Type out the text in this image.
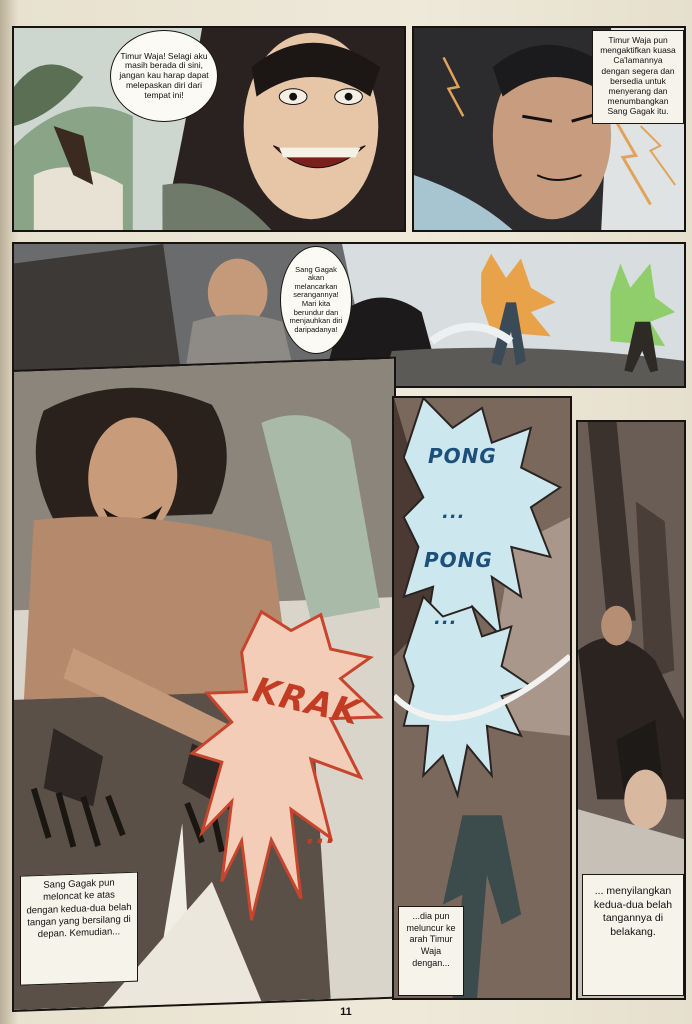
Timur Waja! Selagi aku masih berada di sini, jangan kau harap dapat melepaskan diri dari tempat ini!
Timur Waja pun mengaktifkan kuasa Ca'lamannya dengan segera dan bersedia untuk menyerang dan menumbangkan Sang Gagak itu.
Sang Gagak akan melancarkan serangannya! Mari kita berundur dan menjauhkan diri daripadanya!
KRAK
...
Sang Gagak pun meloncat ke atas dengan kedua-dua belah tangan yang bersilang di depan. Kemudian...
PONG
...
PONG
...
...dia pun meluncur ke arah Timur Waja dengan...
... menyilangkan kedua-dua belah tangannya di belakang.
11
